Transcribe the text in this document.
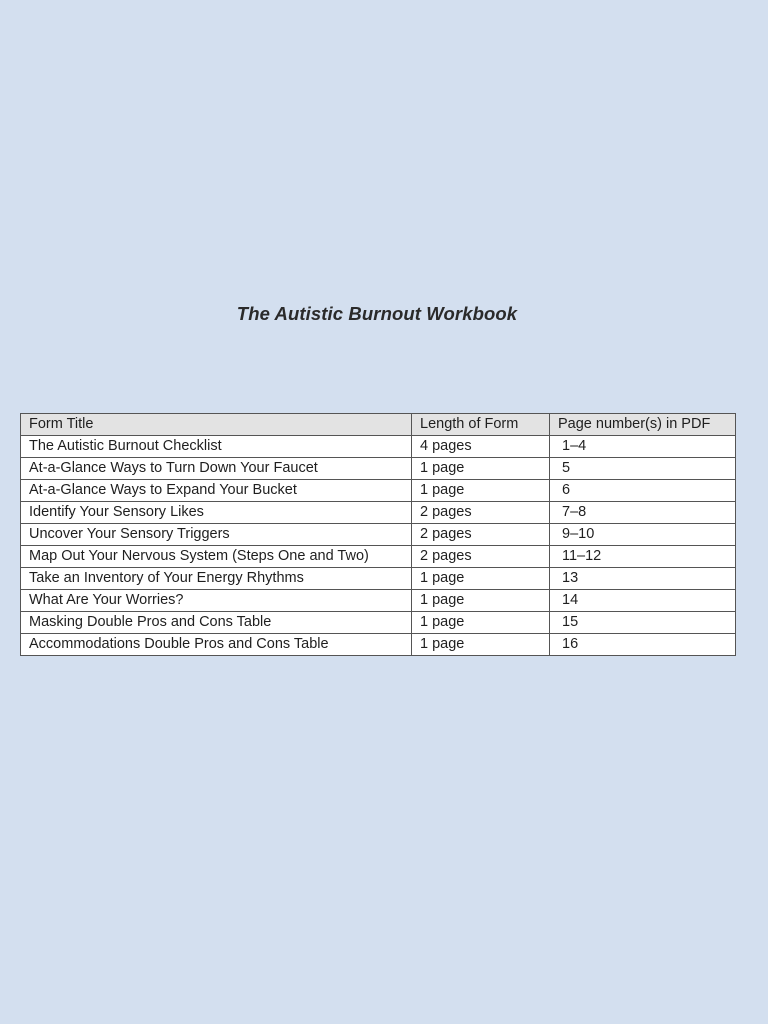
The Autistic Burnout Workbook
Form Title	Length of Form	Page number(s) in PDF
The Autistic Burnout Checklist	4 pages	1–4
At-a-Glance Ways to Turn Down Your Faucet	1 page	5
At-a-Glance Ways to Expand Your Bucket	1 page	6
Identify Your Sensory Likes	2 pages	7–8
Uncover Your Sensory Triggers	2 pages	9–10
Map Out Your Nervous System (Steps One and Two)	2 pages	11–12
Take an Inventory of Your Energy Rhythms	1 page	13
What Are Your Worries?	1 page	14
Masking Double Pros and Cons Table	1 page	15
Accommodations Double Pros and Cons Table	1 page	16
